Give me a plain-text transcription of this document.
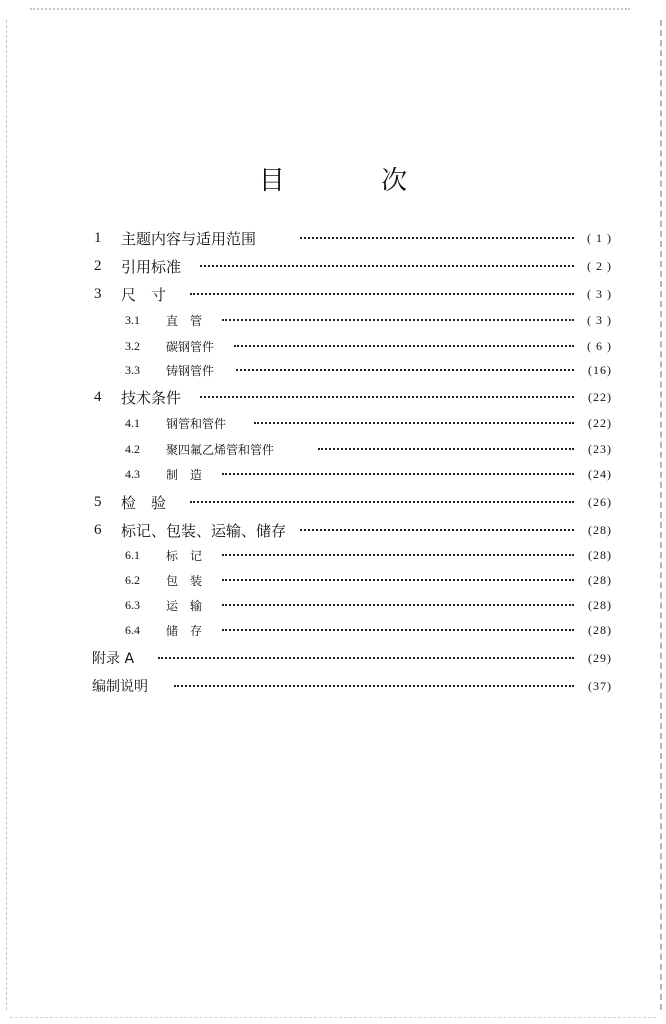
目 次
1 主题内容与适用范围	( 1 )
2 引用标准	( 2 )
3 尺　寸	( 3 )
3.1 直　管	( 3 )
3.2 碳钢管件	( 6 )
3.3 铸钢管件	(16)
4 技术条件	(22)
4.1 钢管和管件	(22)
4.2 聚四氟乙烯管和管件	(23)
4.3 制　造	(24)
5 检　验	(26)
6 标记、包装、运输、储存	(28)
6.1 标　记	(28)
6.2 包　装	(28)
6.3 运　输	(28)
6.4 储　存	(28)
附录 A	(29)
编制说明	(37)
